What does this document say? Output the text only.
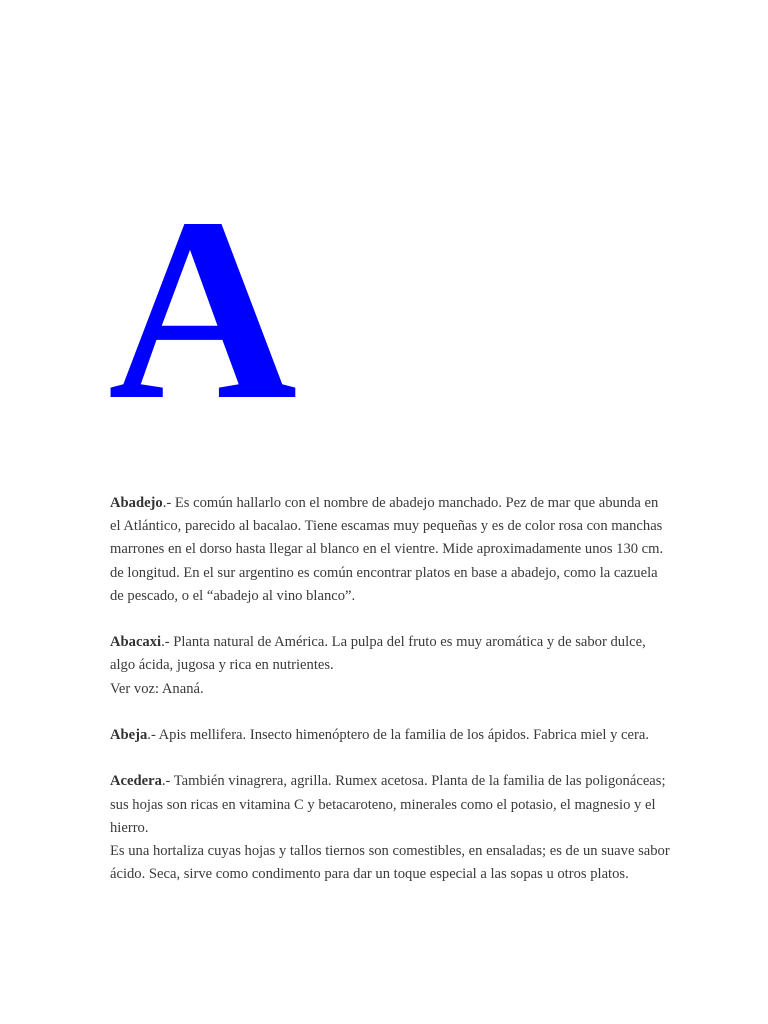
A

Abadejo.- Es común hallarlo con el nombre de abadejo manchado. Pez de mar que abunda en el Atlántico, parecido al bacalao. Tiene escamas muy pequeñas y es de color rosa con manchas marrones en el dorso hasta llegar al blanco en el vientre. Mide aproximadamente unos 130 cm. de longitud. En el sur argentino es común encontrar platos en base a abadejo, como la cazuela de pescado, o el “abadejo al vino blanco”.

Abacaxi.- Planta natural de América. La pulpa del fruto es muy aromática y de sabor dulce, algo ácida, jugosa y rica en nutrientes.

Ver voz: Ananá.

Abeja.- Apis mellifera. Insecto himenóptero de la familia de los ápidos. Fabrica miel y cera.

Acedera.- También vinagrera, agrilla. Rumex acetosa. Planta de la familia de las poligonáceas; sus hojas son ricas en vitamina C y betacaroteno, minerales como el potasio, el magnesio y el hierro.

Es una hortaliza cuyas hojas y tallos tiernos son comestibles, en ensaladas; es de un suave sabor ácido. Seca, sirve como condimento para dar un toque especial a las sopas u otros platos.
